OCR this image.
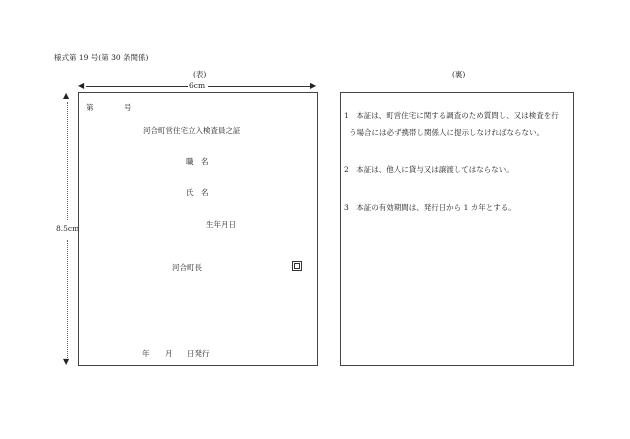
様式第 19 号(第 30 条関係)
(表)
◀	6cm	▶
▲
8.5cm
▼
第	号
河合町営住宅立入検査員之証
職　名
氏　名
生年月日
河合町長
年 月 日発行
(裏)
1　本証は、町営住宅に関する調査のため質問し、又は検査を行
う場合には必ず携帯し関係人に提示しなければならない。
2　本証は、他人に貸与又は譲渡してはならない。
3　本証の有効期間は、発行日から 1 カ年とする。
